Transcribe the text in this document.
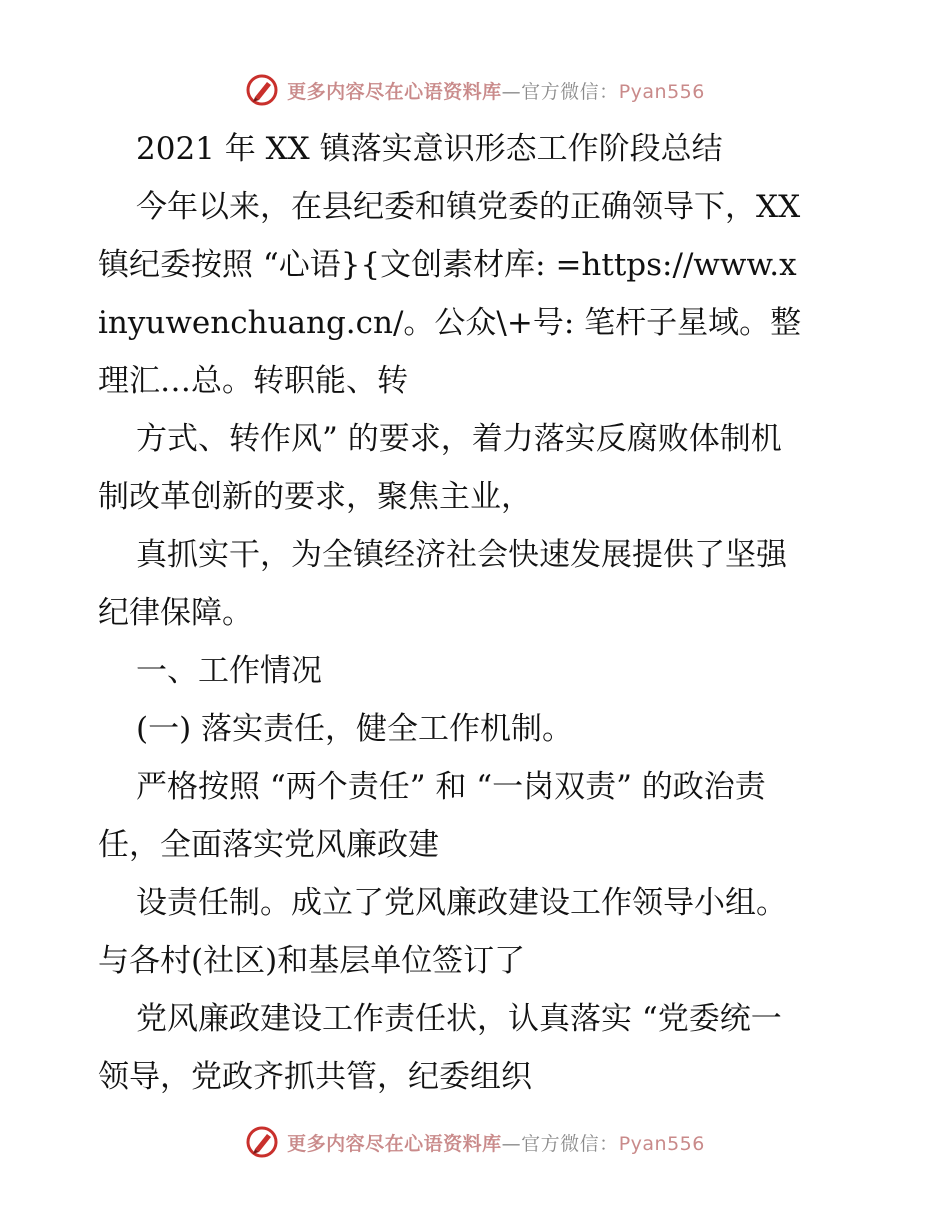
更多内容尽在心语资料库—官方微信：Pyan556
2021 年 XX 镇落实意识形态工作阶段总结
今年以来，在县纪委和镇党委的正确领导下，XX
镇纪委按照 “心语}{文创素材库: =https://www.x
inyuwenchuang.cn/。公众\+号: 笔杆子星域。整
理汇…总。转职能、转
方式、转作风” 的要求，着力落实反腐败体制机
制改革创新的要求，聚焦主业，
真抓实干，为全镇经济社会快速发展提供了坚强
纪律保障。
一、工作情况
(一) 落实责任，健全工作机制。
严格按照 “两个责任” 和 “一岗双责” 的政治责
任，全面落实党风廉政建
设责任制。成立了党风廉政建设工作领导小组。
与各村(社区)和基层单位签订了
党风廉政建设工作责任状，认真落实 “党委统一
领导，党政齐抓共管，纪委组织
更多内容尽在心语资料库—官方微信：Pyan556
